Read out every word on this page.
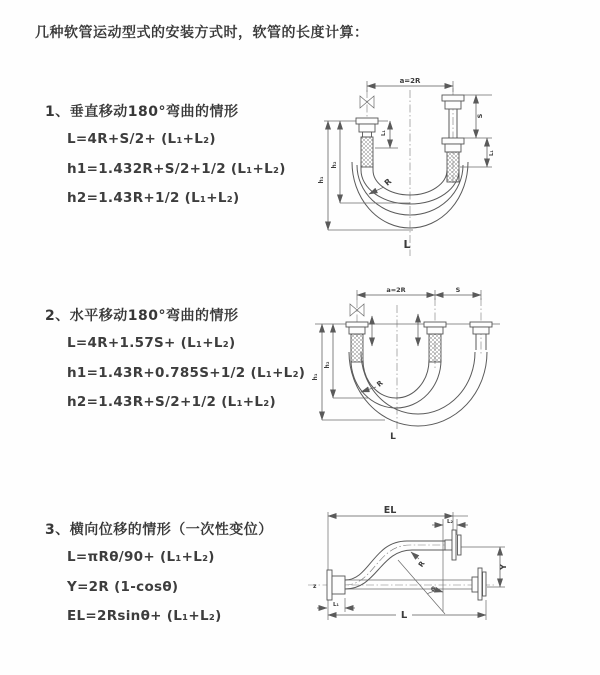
几种软管运动型式的安装方式时，软管的长度计算：

1、垂直移动180°弯曲的情形

L=4R+S/2+ (L₁+L₂)

h1=1.432R+S/2+1/2 (L₁+L₂)

h2=1.43R+1/2 (L₁+L₂)

2、水平移动180°弯曲的情形

L=4R+1.57S+ (L₁+L₂)

h1=1.43R+0.785S+1/2 (L₁+L₂)

h2=1.43R+S/2+1/2 (L₁+L₂)

3、横向位移的情形（一次性变位）

L=πRθ/90+ (L₁+L₂)

Y=2R (1-cosθ)

EL=2Rsinθ+ (L₁+L₂)

a=2R
h₁
h₂
L₁
S
L₁
R
L
a=2R	S
h₁
h₂
R
L
EL
L₂
z
Y
θ
R
L
L₁
